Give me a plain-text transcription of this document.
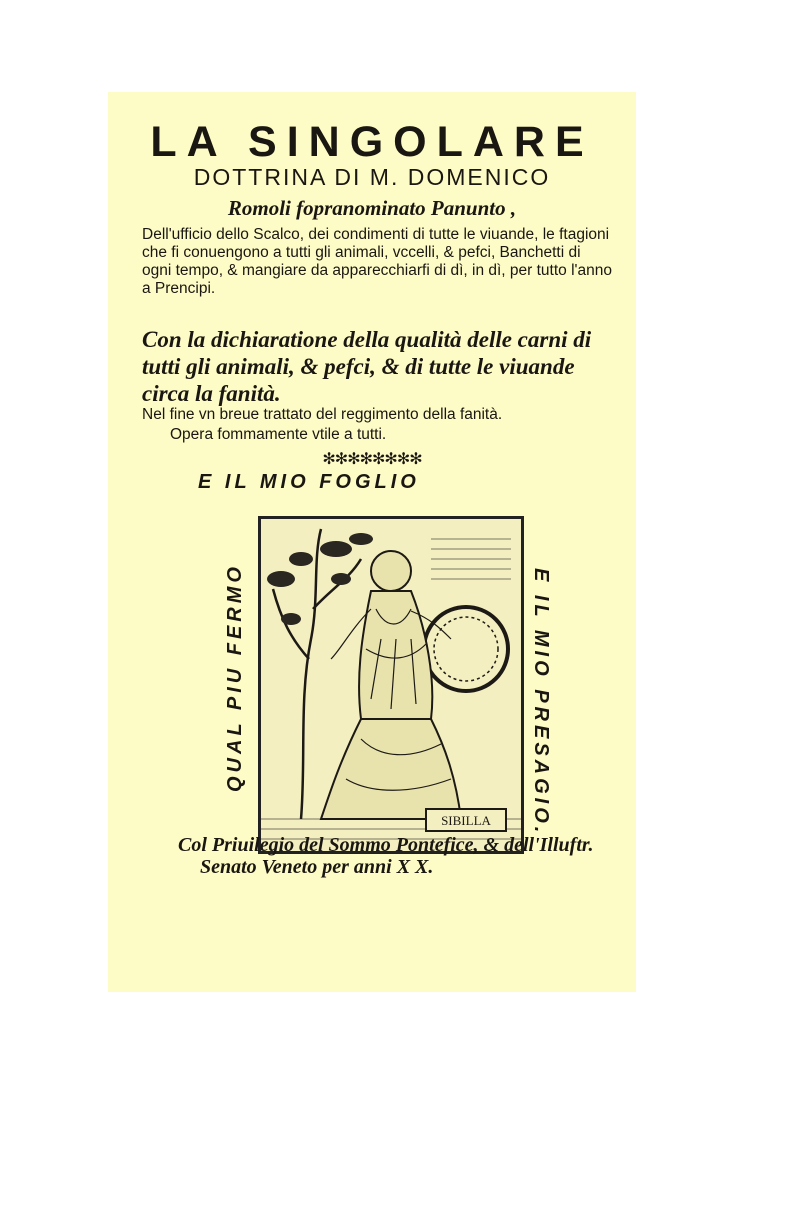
LA SINGOLARE
DOTTRINA DI M. DOMENICO
Romoli fopranominato Panunto ,
Dell'ufficio dello Scalco, dei condimenti di tutte le viuande, le ftagioni che fi conuengono a tutti gli animali, vccelli, & pefci, Banchetti di ogni tempo, & mangiare da apparecchiarfi di dì, in dì, per tutto l'anno a Prencipi.
Con la dichiaratione della qualità delle carni di tutti gli animali, & pefci, & di tutte le viuande circa la fanità.
Nel fine vn breue trattato del reggimento della fanità.
Opera fommamente vtile a tutti.
✻✻✻✻✻✻✻✻
E IL MIO FOGLIO
QUAL PIU FERMO	E IL MIO PRESAGIO.
SIBILLA
Col Priuilegio del Sommo Pontefice, & dell'Illuftr.
Senato Veneto per anni X X.
